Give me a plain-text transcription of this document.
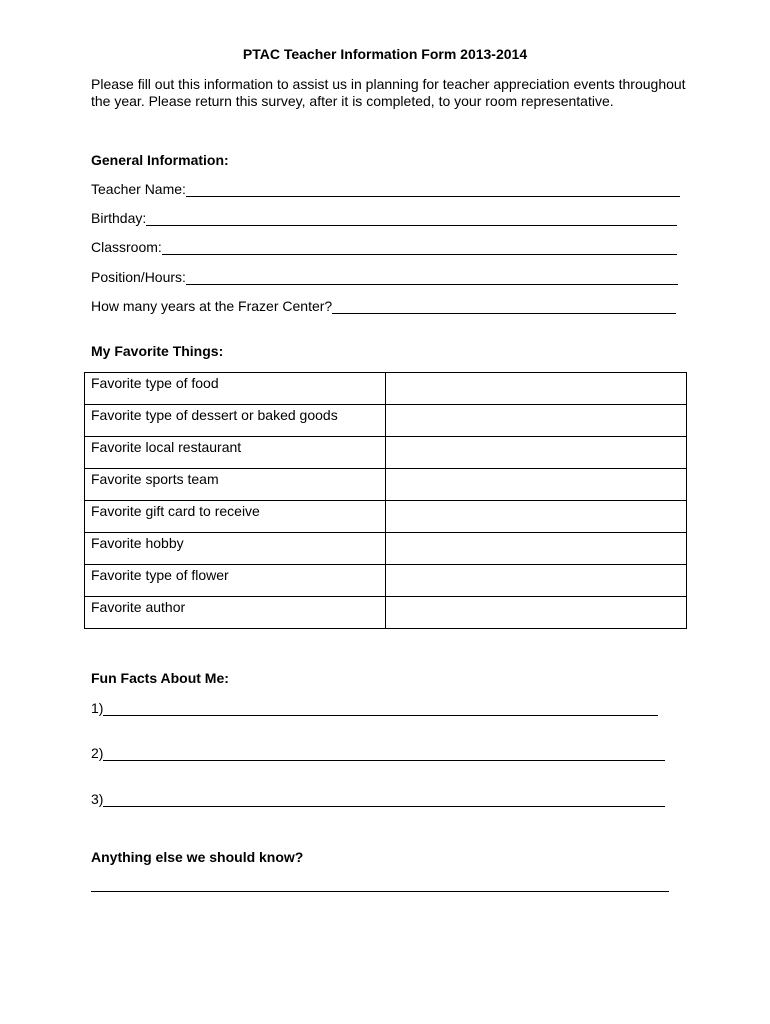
PTAC Teacher Information Form 2013-2014
Please fill out this information to assist us in planning for teacher appreciation events throughout the year. Please return this survey, after it is completed, to your room representative.
General Information:
Teacher Name:
Birthday:
Classroom:
Position/Hours:
How many years at the Frazer Center?
My Favorite Things:
Favorite type of food	
Favorite type of dessert or baked goods	
Favorite local restaurant	
Favorite sports team	
Favorite gift card to receive	
Favorite hobby	
Favorite type of flower	
Favorite author	
Fun Facts About Me:
1)
2)
3)
Anything else we should know?
